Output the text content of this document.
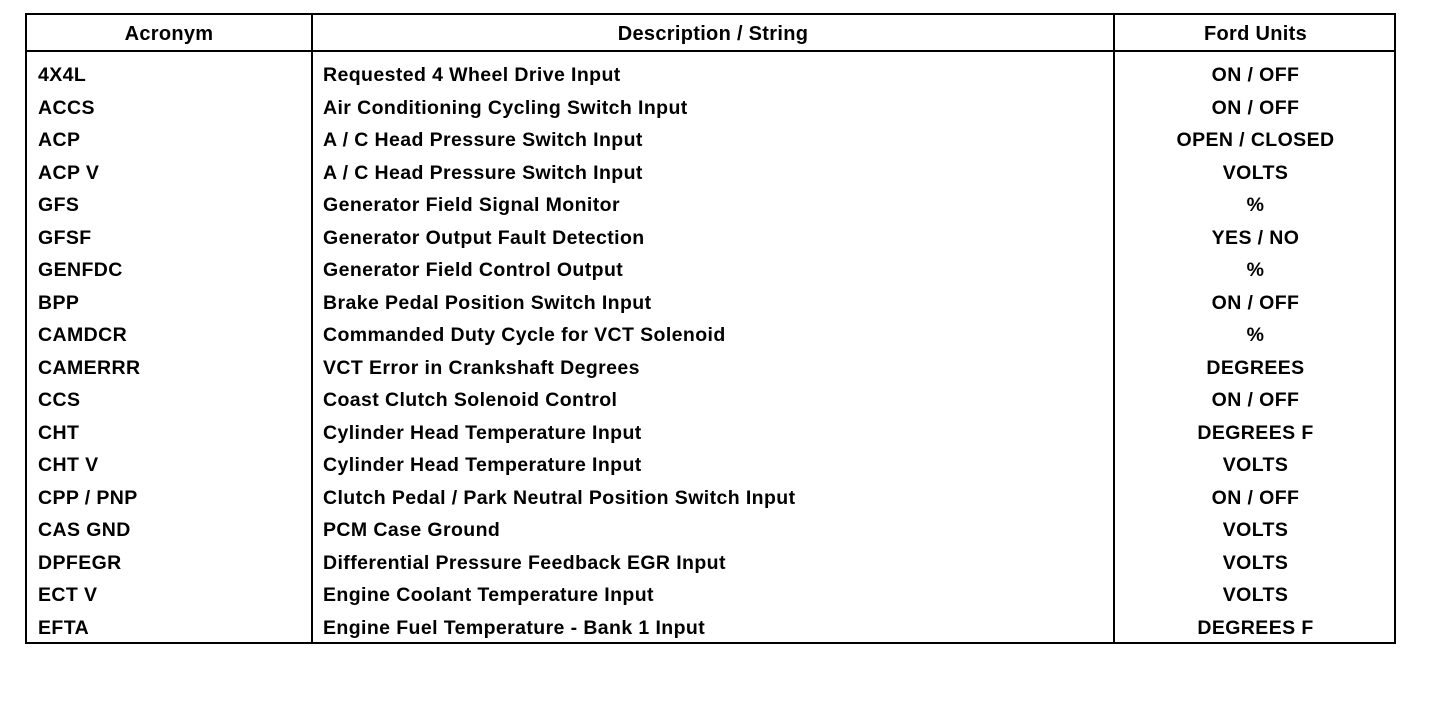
Acronym	Description / String	Ford Units
4X4L	Requested 4 Wheel Drive Input	ON / OFF
ACCS	Air Conditioning Cycling Switch Input	ON / OFF
ACP	A / C Head Pressure Switch Input	OPEN / CLOSED
ACP V	A / C Head Pressure Switch Input	VOLTS
GFS	Generator Field Signal Monitor	%
GFSF	Generator Output Fault Detection	YES / NO
GENFDC	Generator Field Control Output	%
BPP	Brake Pedal Position Switch Input	ON / OFF
CAMDCR	Commanded Duty Cycle for VCT Solenoid	%
CAMERRR	VCT Error in Crankshaft Degrees	DEGREES
CCS	Coast Clutch Solenoid Control	ON / OFF
CHT	Cylinder Head Temperature Input	DEGREES F
CHT V	Cylinder Head Temperature Input	VOLTS
CPP / PNP	Clutch Pedal / Park Neutral Position Switch Input	ON / OFF
CAS GND	PCM Case Ground	VOLTS
DPFEGR	Differential Pressure Feedback EGR Input	VOLTS
ECT V	Engine Coolant Temperature Input	VOLTS
EFTA	Engine Fuel Temperature - Bank 1 Input	DEGREES F
